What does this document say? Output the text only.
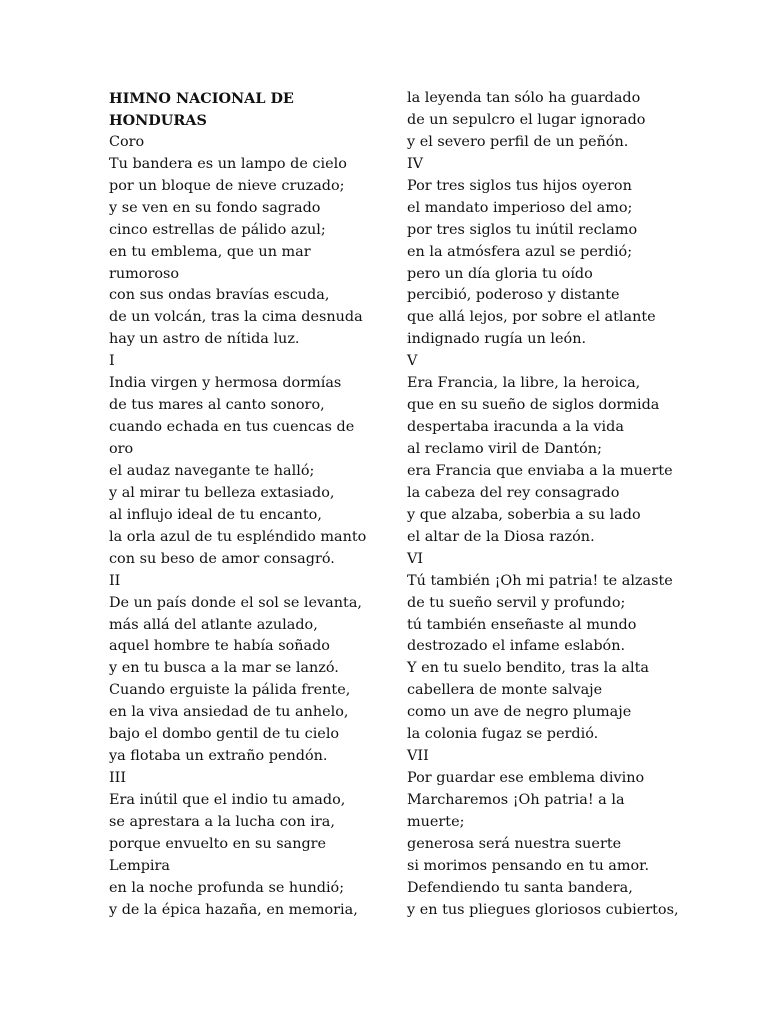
HIMNO NACIONAL DE
HONDURAS
Coro
Tu bandera es un lampo de cielo
por un bloque de nieve cruzado;
y se ven en su fondo sagrado
cinco estrellas de pálido azul;
en tu emblema, que un mar
rumoroso
con sus ondas bravías escuda,
de un volcán, tras la cima desnuda
hay un astro de nítida luz.
I
India virgen y hermosa dormías
de tus mares al canto sonoro,
cuando echada en tus cuencas de
oro
el audaz navegante te halló;
y al mirar tu belleza extasiado,
al influjo ideal de tu encanto,
la orla azul de tu espléndido manto
con su beso de amor consagró.
II
De un país donde el sol se levanta,
más allá del atlante azulado,
aquel hombre te había soñado
y en tu busca a la mar se lanzó.
Cuando erguiste la pálida frente,
en la viva ansiedad de tu anhelo,
bajo el dombo gentil de tu cielo
ya flotaba un extraño pendón.
III
Era inútil que el indio tu amado,
se aprestara a la lucha con ira,
porque envuelto en su sangre
Lempira
en la noche profunda se hundió;
y de la épica hazaña, en memoria,
la leyenda tan sólo ha guardado
de un sepulcro el lugar ignorado
y el severo perfil de un peñón.
IV
Por tres siglos tus hijos oyeron
el mandato imperioso del amo;
por tres siglos tu inútil reclamo
en la atmósfera azul se perdió;
pero un día gloria tu oído
percibió, poderoso y distante
que allá lejos, por sobre el atlante
indignado rugía un león.
V
Era Francia, la libre, la heroica,
que en su sueño de siglos dormida
despertaba iracunda a la vida
al reclamo viril de Dantón;
era Francia que enviaba a la muerte
la cabeza del rey consagrado
y que alzaba, soberbia a su lado
el altar de la Diosa razón.
VI
Tú también ¡Oh mi patria! te alzaste
de tu sueño servil y profundo;
tú también enseñaste al mundo
destrozado el infame eslabón.
Y en tu suelo bendito, tras la alta
cabellera de monte salvaje
como un ave de negro plumaje
la colonia fugaz se perdió.
VII
Por guardar ese emblema divino
Marcharemos ¡Oh patria! a la
muerte;
generosa será nuestra suerte
si morimos pensando en tu amor.
Defendiendo tu santa bandera,
y en tus pliegues gloriosos cubiertos,
